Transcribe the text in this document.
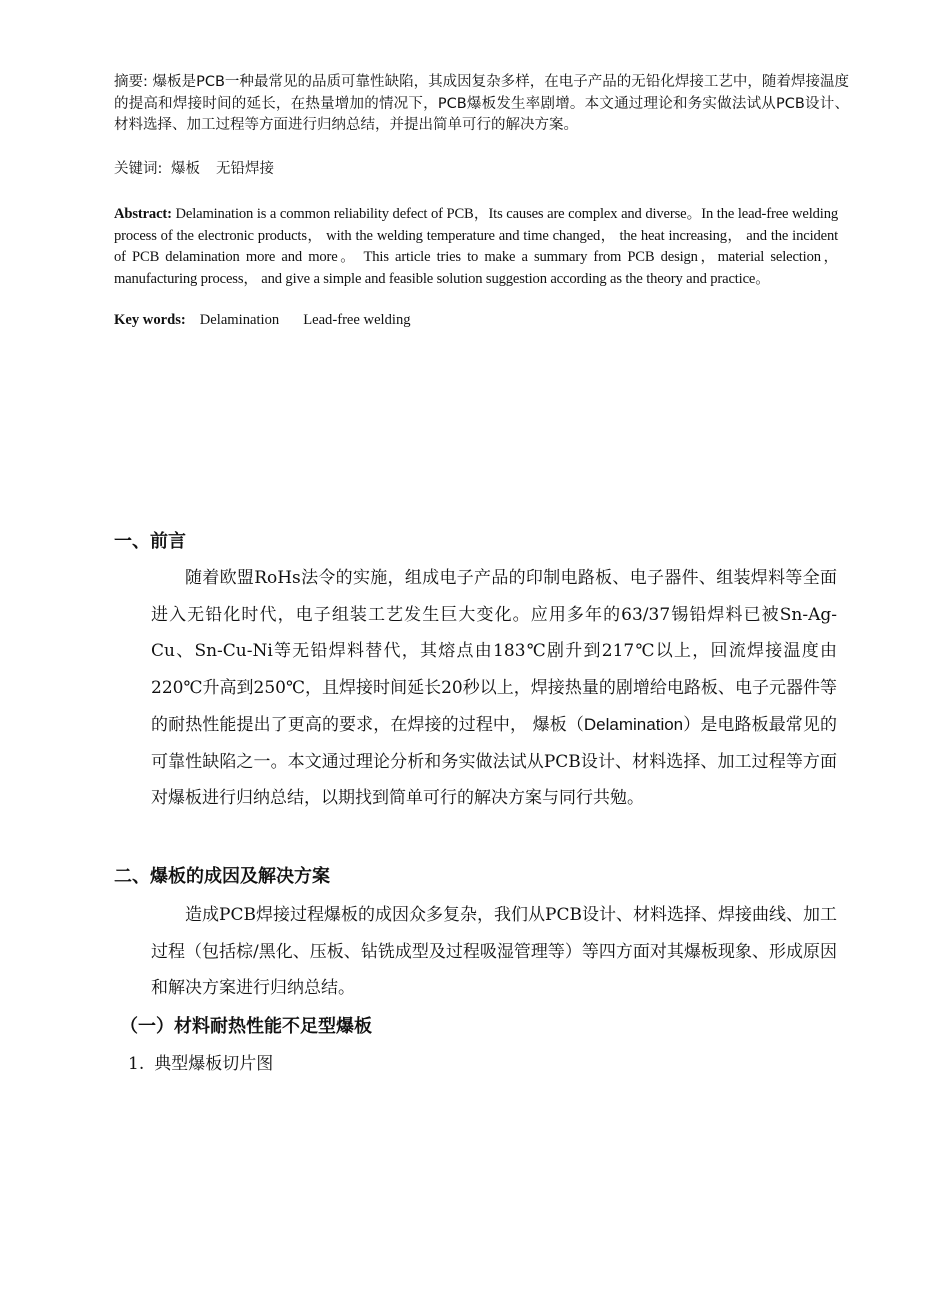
摘要: 爆板是PCB一种最常见的品质可靠性缺陷，其成因复杂多样，在电子产品的无铅化焊接工艺中，随着焊接温度的提高和焊接时间的延长，在热量增加的情况下，PCB爆板发生率剧增。本文通过理论和务实做法试从PCB设计、材料选择、加工过程等方面进行归纳总结，并提出简单可行的解决方案。
关键词: 爆板 无铅焊接
Abstract: Delamination is a common reliability defect of PCB，Its causes are complex and diverse。In the lead-free welding process of the electronic products， with the welding temperature and time changed， the heat increasing， and the incident of PCB delamination more and more。 This article tries to make a summary from PCB design，material selection，manufacturing process， and give a simple and feasible solution suggestion according as the theory and practice。
Key words: Delamination Lead-free welding
一、前言
随着欧盟RoHs法令的实施，组成电子产品的印制电路板、电子器件、组装焊料等全面进入无铅化时代，电子组装工艺发生巨大变化。应用多年的63/37锡铅焊料已被Sn-Ag-Cu、Sn-Cu-Ni等无铅焊料替代，其熔点由183℃剧升到217℃以上，回流焊接温度由220℃升高到250℃，且焊接时间延长20秒以上，焊接热量的剧增给电路板、电子元器件等的耐热性能提出了更高的要求，在焊接的过程中， 爆板（Delamination）是电路板最常见的可靠性缺陷之一。本文通过理论分析和务实做法试从PCB设计、材料选择、加工过程等方面对爆板进行归纳总结，以期找到简单可行的解决方案与同行共勉。
二、爆板的成因及解决方案
造成PCB焊接过程爆板的成因众多复杂，我们从PCB设计、材料选择、焊接曲线、加工过程（包括棕/黑化、压板、钻铣成型及过程吸湿管理等）等四方面对其爆板现象、形成原因和解决方案进行归纳总结。
（一）材料耐热性能不足型爆板
1. 典型爆板切片图
